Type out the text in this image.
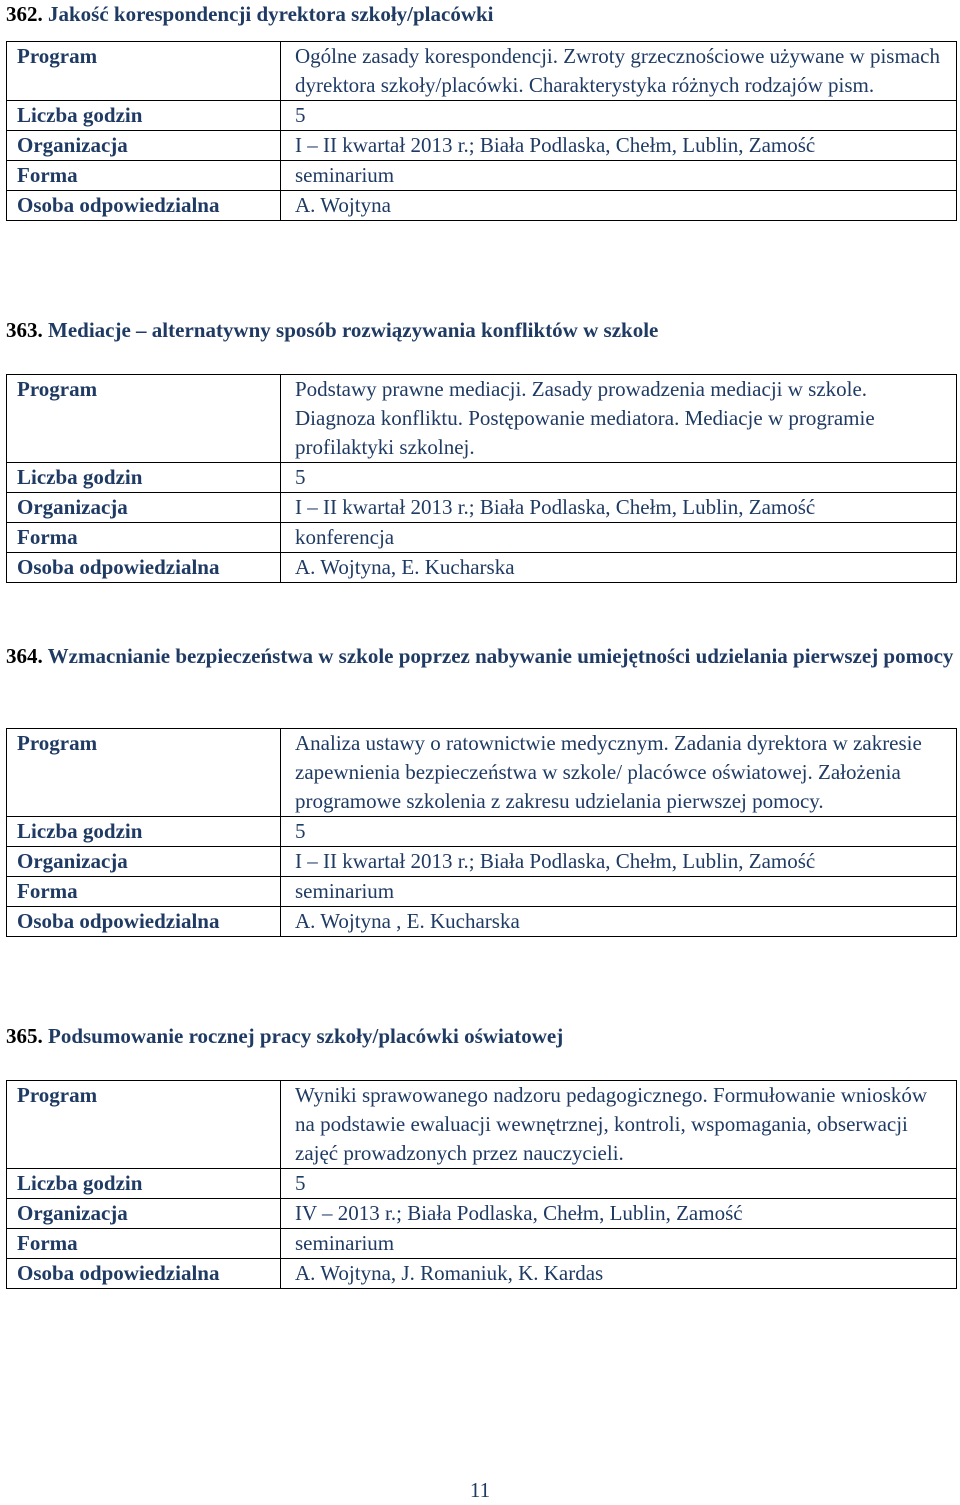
362. Jakość korespondencji dyrektora szkoły/placówki
Program	Ogólne zasady korespondencji. Zwroty grzecznościowe używane w pismach dyrektora szkoły/placówki. Charakterystyka różnych rodzajów pism.
Liczba godzin	5
Organizacja	I – II kwartał 2013 r.; Biała Podlaska, Chełm, Lublin, Zamość
Forma	seminarium
Osoba odpowiedzialna	A. Wojtyna
363. Mediacje – alternatywny sposób rozwiązywania konfliktów w szkole
Program	Podstawy prawne mediacji. Zasady prowadzenia mediacji w szkole. Diagnoza konfliktu. Postępowanie mediatora. Mediacje w programie profilaktyki szkolnej.
Liczba godzin	5
Organizacja	I – II kwartał 2013 r.; Biała Podlaska, Chełm, Lublin, Zamość
Forma	konferencja
Osoba odpowiedzialna	A. Wojtyna, E. Kucharska
364. Wzmacnianie bezpieczeństwa w szkole poprzez nabywanie umiejętności udzielania pierwszej pomocy
Program	Analiza ustawy o ratownictwie medycznym. Zadania dyrektora w zakresie zapewnienia bezpieczeństwa w szkole/ placówce oświatowej. Założenia programowe szkolenia z zakresu udzielania pierwszej pomocy.
Liczba godzin	5
Organizacja	I – II kwartał 2013 r.; Biała Podlaska, Chełm, Lublin, Zamość
Forma	seminarium
Osoba odpowiedzialna	A. Wojtyna , E. Kucharska
365. Podsumowanie rocznej pracy szkoły/placówki oświatowej
Program	Wyniki sprawowanego nadzoru pedagogicznego. Formułowanie wniosków na podstawie ewaluacji wewnętrznej, kontroli, wspomagania, obserwacji zajęć prowadzonych przez nauczycieli.
Liczba godzin	5
Organizacja	IV – 2013 r.; Biała Podlaska, Chełm, Lublin, Zamość
Forma	seminarium
Osoba odpowiedzialna	A. Wojtyna, J. Romaniuk, K. Kardas
11
